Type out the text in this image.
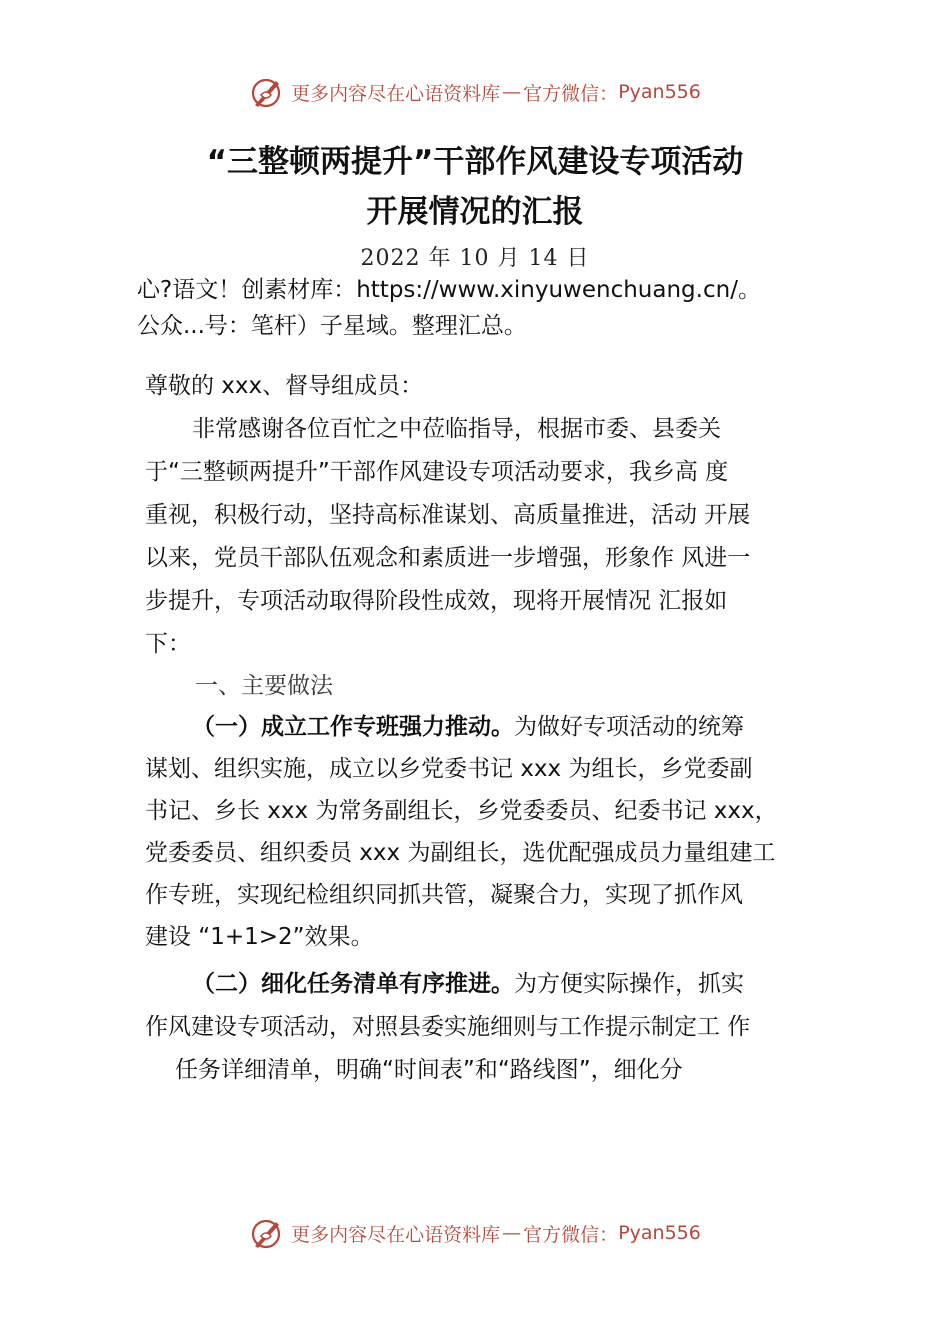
更多内容尽在心语资料库 — 官方微信： Pyan556
“三整顿两提升”干部作风建设专项活动
开展情况的汇报
2022 年 10 月 14 日
心?语文！创素材库：https://www.xinyuwenchuang.cn/。
公众...号：笔杆）子星域。整理汇总。
尊敬的 xxx、督导组成员：
非常感谢各位百忙之中莅临指导，根据市委、县委关
于“三整顿两提升”干部作风建设专项活动要求，我乡高 度
重视，积极行动，坚持高标准谋划、高质量推进，活动 开展
以来，党员干部队伍观念和素质进一步增强，形象作 风进一
步提升，专项活动取得阶段性成效，现将开展情况 汇报如
下：
一、主要做法
（一）成立工作专班强力推动。为做好专项活动的统筹
谋划、组织实施，成立以乡党委书记 xxx 为组长，乡党委副
书记、乡长 xxx 为常务副组长，乡党委委员、纪委书记 xxx，
党委委员、组织委员 xxx 为副组长，选优配强成员力量组建工
作专班，实现纪检组织同抓共管，凝聚合力，实现了抓作风
建设 “1+1>2”效果。
（二）细化任务清单有序推进。为方便实际操作，抓实
作风建设专项活动，对照县委实施细则与工作提示制定工 作
任务详细清单，明确“时间表”和“路线图”，细化分
更多内容尽在心语资料库 — 官方微信： Pyan556
